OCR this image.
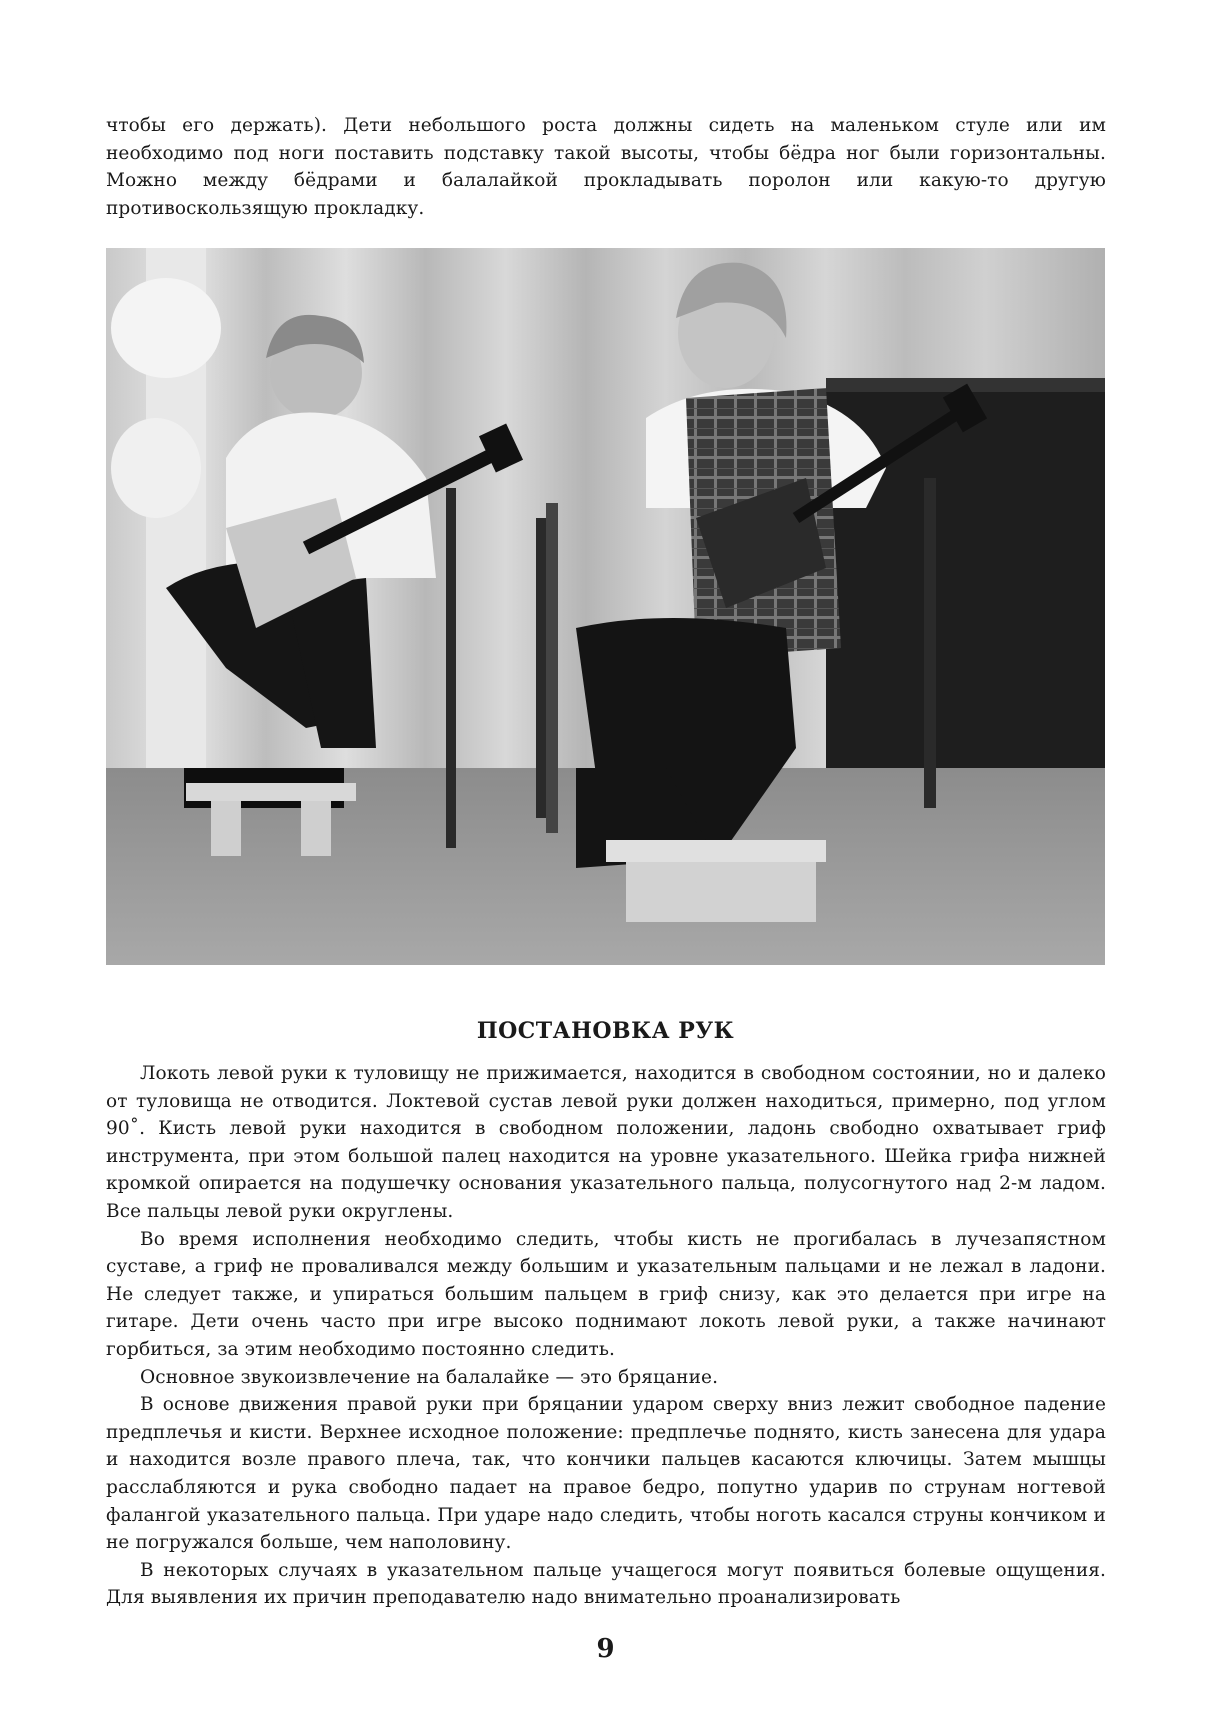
чтобы его держать). Дети небольшого роста должны сидеть на маленьком стуле или им необходимо под ноги поставить подставку такой высоты, чтобы бёдра ног были горизонтальны. Можно между бёдрами и балалайкой прокладывать поролон или какую-то другую противоскользящую прокладку.

ПОСТАНОВКА РУК

Локоть левой руки к туловищу не прижимается, находится в свободном состоянии, но и далеко от туловища не отводится. Локтевой сустав левой руки должен находиться, примерно, под углом 90˚. Кисть левой руки находится в свободном положении, ладонь свободно охватывает гриф инструмента, при этом большой палец находится на уровне указательного. Шейка грифа нижней кромкой опирается на подушечку основания указательного пальца, полусогнутого над 2-м ладом. Все пальцы левой руки округлены.

Во время исполнения необходимо следить, чтобы кисть не прогибалась в лучезапястном суставе, а гриф не проваливался между большим и указательным пальцами и не лежал в ладони. Не следует также, и упираться большим пальцем в гриф снизу, как это делается при игре на гитаре. Дети очень часто при игре высоко поднимают локоть левой руки, а также начинают горбиться, за этим необходимо постоянно следить.

Основное звукоизвлечение на балалайке — это бряцание.

В основе движения правой руки при бряцании ударом сверху вниз лежит свободное падение предплечья и кисти. Верхнее исходное положение: предплечье поднято, кисть занесена для удара и находится возле правого плеча, так, что кончики пальцев касаются ключицы. Затем мышцы расслабляются и рука свободно падает на правое бедро, попутно ударив по струнам ногтевой фалангой указательного пальца. При ударе надо следить, чтобы ноготь касался струны кончиком и не погружался больше, чем наполовину.

В некоторых случаях в указательном пальце учащегося могут появиться болевые ощущения. Для выявления их причин преподавателю надо внимательно проанализировать

9
